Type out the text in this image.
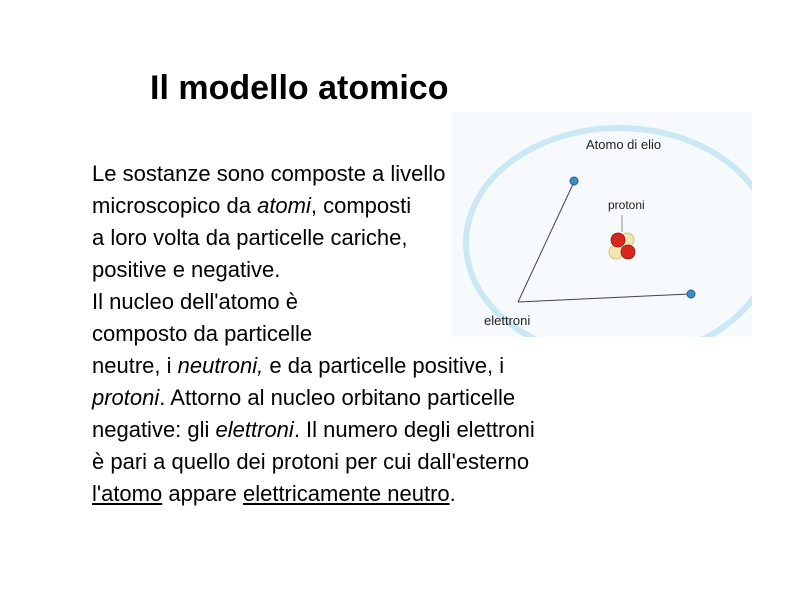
Il modello atomico
Atomo di elio
protoni
elettroni
Le sostanze sono composte a livello
microscopico da atomi, composti
a loro volta da particelle cariche,
positive e negative.
Il nucleo dell'atomo è
composto da particelle
neutre, i neutroni, e da particelle positive, i
protoni. Attorno al nucleo orbitano particelle
negative: gli elettroni. Il numero degli elettroni
è pari a quello dei protoni per cui dall'esterno
l'atomo appare elettricamente neutro.
